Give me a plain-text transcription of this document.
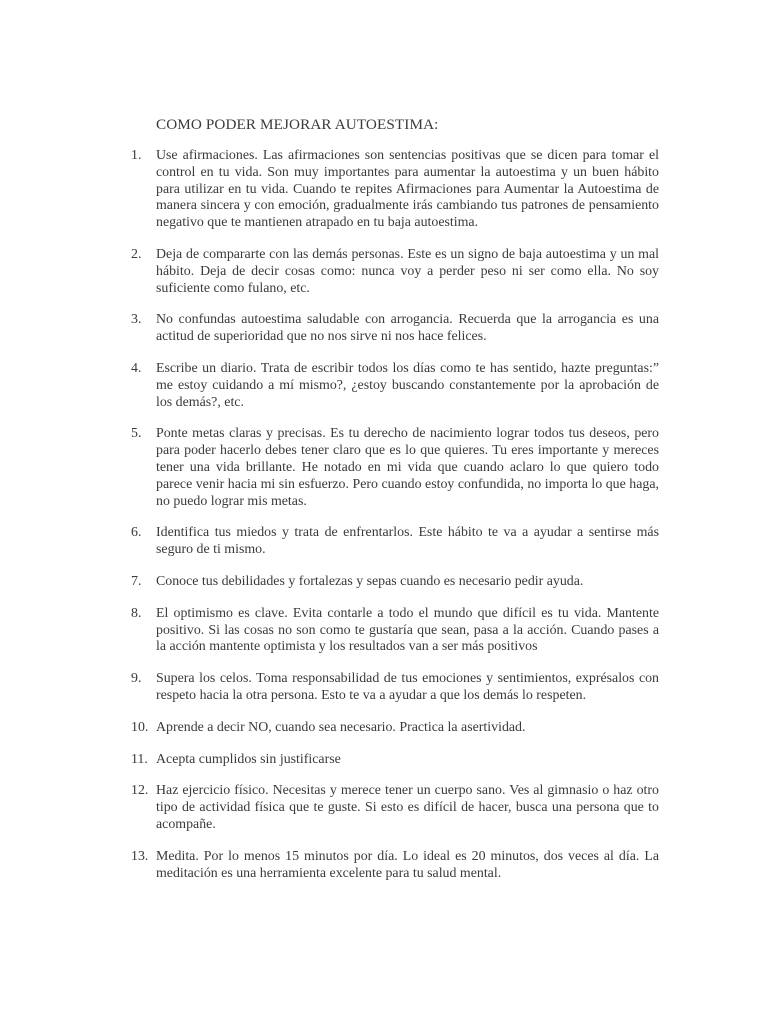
COMO PODER MEJORAR AUTOESTIMA:
1. Use afirmaciones. Las afirmaciones son sentencias positivas que se dicen para tomar el control en tu vida. Son muy importantes para aumentar la autoestima y un buen hábito para utilizar en tu vida. Cuando te repites Afirmaciones para Aumentar la Autoestima de manera sincera y con emoción, gradualmente irás cambiando tus patrones de pensamiento negativo que te mantienen atrapado en tu baja autoestima.
2. Deja de compararte con las demás personas. Este es un signo de baja autoestima y un mal hábito. Deja de decir cosas como: nunca voy a perder peso ni ser como ella. No soy suficiente como fulano, etc.
3. No confundas autoestima saludable con arrogancia. Recuerda que la arrogancia es una actitud de superioridad que no nos sirve ni nos hace felices.
4. Escribe un diario. Trata de escribir todos los días como te has sentido, hazte preguntas:” me estoy cuidando a mí mismo?, ¿estoy buscando constantemente por la aprobación de los demás?, etc.
5. Ponte metas claras y precisas. Es tu derecho de nacimiento lograr todos tus deseos, pero para poder hacerlo debes tener claro que es lo que quieres. Tu eres importante y mereces tener una vida brillante. He notado en mi vida que cuando aclaro lo que quiero todo parece venir hacia mi sin esfuerzo. Pero cuando estoy confundida, no importa lo que haga, no puedo lograr mis metas.
6. Identifica tus miedos y trata de enfrentarlos. Este hábito te va a ayudar a sentirse más seguro de ti mismo.
7. Conoce tus debilidades y fortalezas y sepas cuando es necesario pedir ayuda.
8. El optimismo es clave. Evita contarle a todo el mundo que difícil es tu vida. Mantente positivo. Si las cosas no son como te gustaría que sean, pasa a la acción. Cuando pases a la acción mantente optimista y los resultados van a ser más positivos
9. Supera los celos. Toma responsabilidad de tus emociones y sentimientos, exprésalos con respeto hacia la otra persona. Esto te va a ayudar a que los demás lo respeten.
10. Aprende a decir NO, cuando sea necesario. Practica la asertividad.
11. Acepta cumplidos sin justificarse
12. Haz ejercicio físico. Necesitas y merece tener un cuerpo sano. Ves al gimnasio o haz otro tipo de actividad física que te guste. Si esto es difícil de hacer, busca una persona que to acompañe.
13. Medita. Por lo menos 15 minutos por día. Lo ideal es 20 minutos, dos veces al día. La meditación es una herramienta excelente para tu salud mental.
